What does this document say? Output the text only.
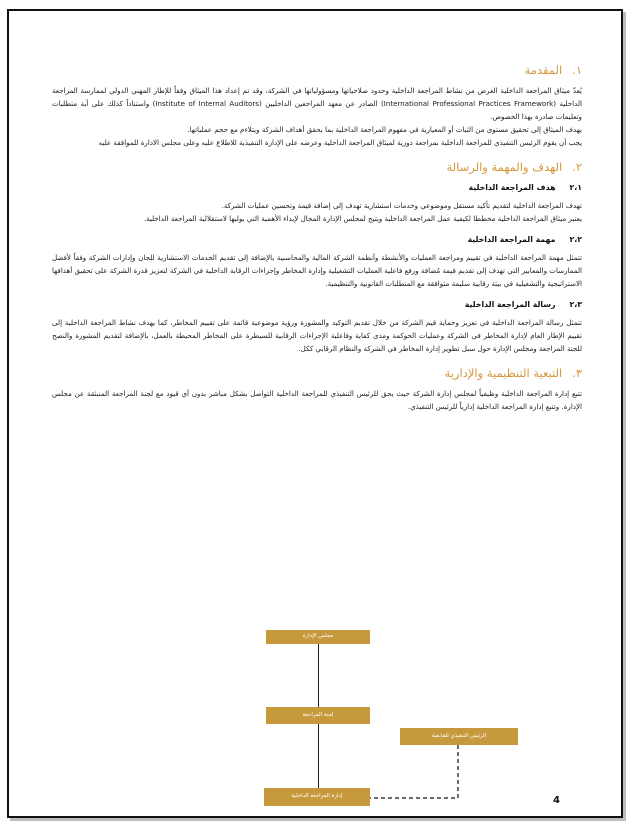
١.المقدمة

يُعدّ ميثاق المراجعة الداخلية الغرض من نشاط المراجعة الداخلية وحدود صلاحياتها ومسؤولياتها في الشركة، وقد تم إعداد هذا الميثاق وفقاً للإطار المهني الدولي لممارسة المراجعة الداخلية (International Professional Practices Framework) الصادر عن معهد المراجعين الداخليين (Institute of Internal Auditors) واستناداً كذلك على أية متطلبات وتعليمات صادرة بهذا الخصوص.

يهدف الميثاق إلى تحقيق مستوى من الثبات أو المعيارية في مفهوم المراجعة الداخلية بما يحقق أهداف الشركة ويتلاءم مع حجم عملياتها.

يجب أن يقوم الرئيس التنفيذي للمراجعة الداخلية بمراجعة دورية لميثاق المراجعة الداخلية وعرضه على الإدارة التنفيذية للاطلاع عليه وعلى مجلس الادارة للموافقة عليه

٢.الهدف والمهمة والرسالة
٢،١هدف المراجعة الداخلية

تهدف المراجعة الداخلية لتقديم تأكيد مستقل وموضوعي وخدمات استشارية تهدف إلى إضافة قيمة وتحسين عمليات الشركة.

يعتبر ميثاق المراجعة الداخلية مخططا لكيفية عمل المراجعة الداخلية ويتيح لمجلس الإدارة المجال لإبداء الأهمية التي يوليها لاستقلالية المراجعة الداخلية.

٢،٢مهمة المراجعة الداخلية

تتمثل مهمة المراجعة الداخلية في تقييم ومراجعة العمليات والأنشطة وأنظمة الشركة المالية والمحاسبية بالإضافة إلى تقديم الخدمات الاستشارية للجان وإدارات الشركة وفقاً لأفضل الممارسات والمعايير التي تهدف إلى تقديم قيمة مُضافة ورفع فاعلية العمليات التشغيلية وإدارة المخاطر وإجراءات الرقابة الداخلية في الشركة لتعزيز قدرة الشركة على تحقيق أهدافها الاستراتيجية والتشغيلية في بيئة رقابية سليمة متوافقة مع المتطلبات القانونية والتنظيمية.

٢،٣رسالة المراجعة الداخلية

تتمثل رسالة المراجعة الداخلية في تعزيز وحماية قيم الشركة من خلال تقديم التوكيد والمشورة ورؤية موضوعية قائمة على تقييم المخاطر، كما يهدف نشاط المراجعة الداخلية إلى تقييم الإطار العام لإدارة المخاطر في الشركة وعمليات الحوكمة ومدى كفاية وفاعلية الإجراءات الرقابية للسيطرة على المخاطر المحيطة بالعمل، بالإضافة لتقديم المشورة والنصح للجنة المراجعة ومجلس الإدارة حول سبل تطوير إدارة المخاطر في الشركة والنظام الرقابي ككل.

٣.التبعية التنظيمية والإدارية

تتبع إدارة المراجعة الداخلية وظيفياً لمجلس إدارة الشركة حيث يحق للرئيس التنفيذي للمراجعة الداخلية التواصل بشكل مباشر بدون أي قيود مع لجنة المراجعة المنبثقة عن مجلس الإدارة. وتتبع إدارة المراجعة الداخلية إدارياً للرئيس التنفيذي.

مجلس الإدارة
لجنة المراجعة
الرئيس التنفيذي للقابضة
إدارة المراجعة الداخلية	4
